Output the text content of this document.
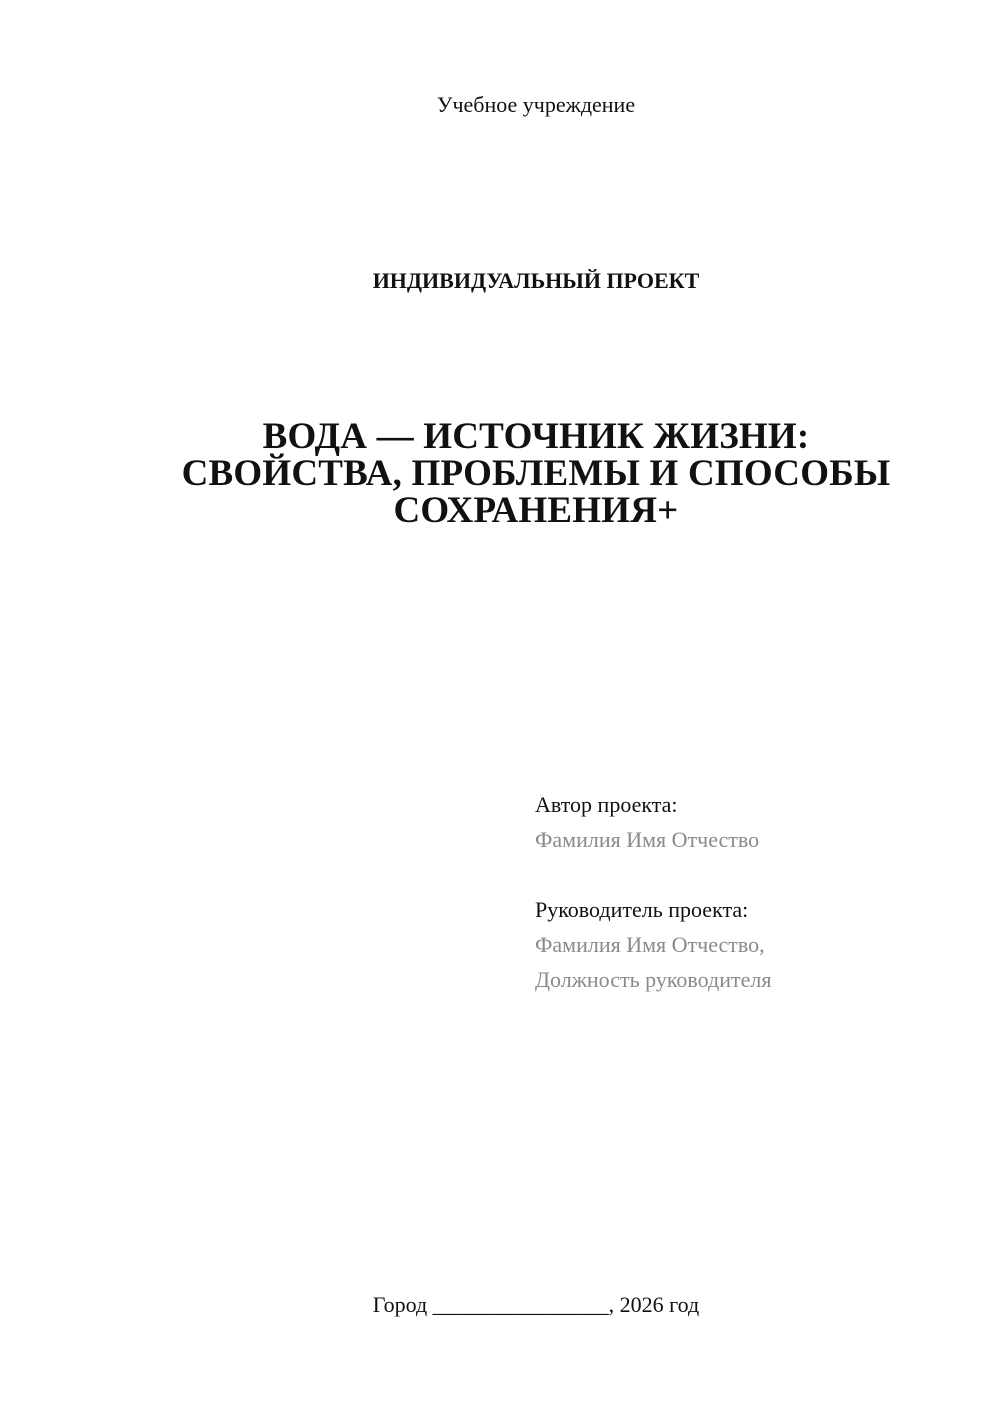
Учебное учреждение
ИНДИВИДУАЛЬНЫЙ ПРОЕКТ
ВОДА — ИСТОЧНИК ЖИЗНИ:
СВОЙСТВА, ПРОБЛЕМЫ И СПОСОБЫ
СОХРАНЕНИЯ+
Автор проекта:
Фамилия Имя Отчество
Руководитель проекта:
Фамилия Имя Отчество,
Должность руководителя
Город ________________, 2026 год
